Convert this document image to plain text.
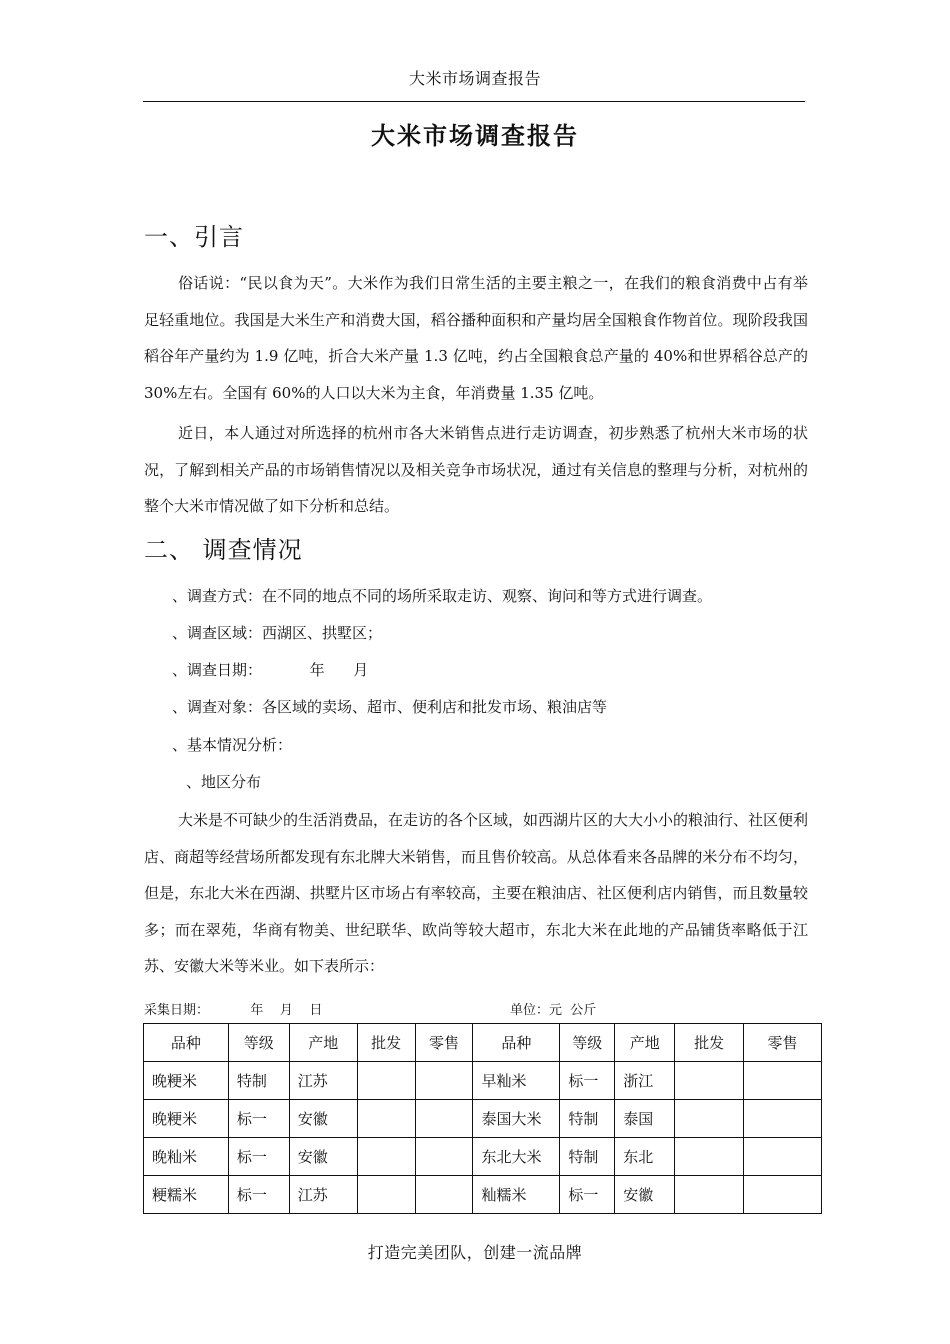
大米市场调查报告
大米市场调查报告
一、引言
俗话说：“民以食为天”。大米作为我们日常生活的主要主粮之一，在我们的粮食消费中占有举足轻重地位。我国是大米生产和消费大国，稻谷播种面积和产量均居全国粮食作物首位。现阶段我国稻谷年产量约为 1.9 亿吨，折合大米产量 1.3 亿吨，约占全国粮食总产量的 40%和世界稻谷总产的 30%左右。全国有 60%的人口以大米为主食，年消费量 1.35 亿吨。
近日，本人通过对所选择的杭州市各大米销售点进行走访调查，初步熟悉了杭州大米市场的状况，了解到相关产品的市场销售情况以及相关竞争市场状况，通过有关信息的整理与分析，对杭州的整个大米市情况做了如下分析和总结。
二、 调查情况
、调查方式：在不同的地点不同的场所采取走访、观察、询问和等方式进行调查。
、调查区域：西湖区、拱墅区；
、调查日期：          年      月
、调查对象：各区域的卖场、超市、便利店和批发市场、粮油店等
、基本情况分析：
、地区分布
大米是不可缺少的生活消费品，在走访的各个区域，如西湖片区的大大小小的粮油行、社区便利店、商超等经营场所都发现有东北牌大米销售，而且售价较高。从总体看来各品牌的米分布不均匀，但是，东北大米在西湖、拱墅片区市场占有率较高，主要在粮油店、社区便利店内销售，而且数量较多；而在翠苑，华商有物美、世纪联华、欧尚等较大超市，东北大米在此地的产品铺货率略低于江苏、安徽大米等米业。如下表所示：
采集日期：          年    月    日	单位：元  公斤
品种	等级	产地	批发	零售	品种	等级	产地	批发	零售
晚粳米	特制	江苏			早籼米	标一	浙江		
晚粳米	标一	安徽			泰国大米	特制	泰国		
晚籼米	标一	安徽			东北大米	特制	东北		
粳糯米	标一	江苏			籼糯米	标一	安徽		
打造完美团队，创建一流品牌
